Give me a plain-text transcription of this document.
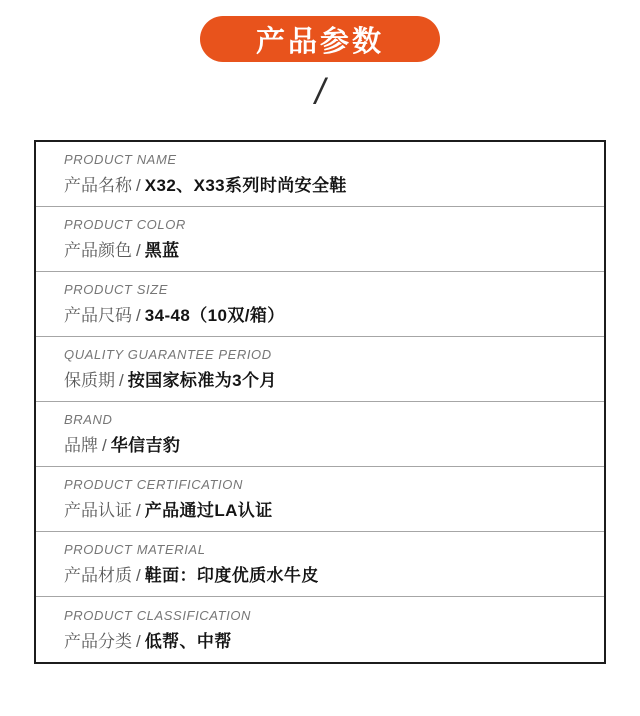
产品参数
/
PRODUCT NAME
产品名称 / X32、X33系列时尚安全鞋
PRODUCT COLOR
产品颜色 / 黑蓝
PRODUCT SIZE
产品尺码 / 34-48（10双/箱）
QUALITY GUARANTEE PERIOD
保质期 / 按国家标准为3个月
BRAND
品牌 / 华信吉豹
PRODUCT CERTIFICATION
产品认证 / 产品通过LA认证
PRODUCT MATERIAL
产品材质 / 鞋面：印度优质水牛皮
PRODUCT CLASSIFICATION
产品分类 / 低帮、中帮
